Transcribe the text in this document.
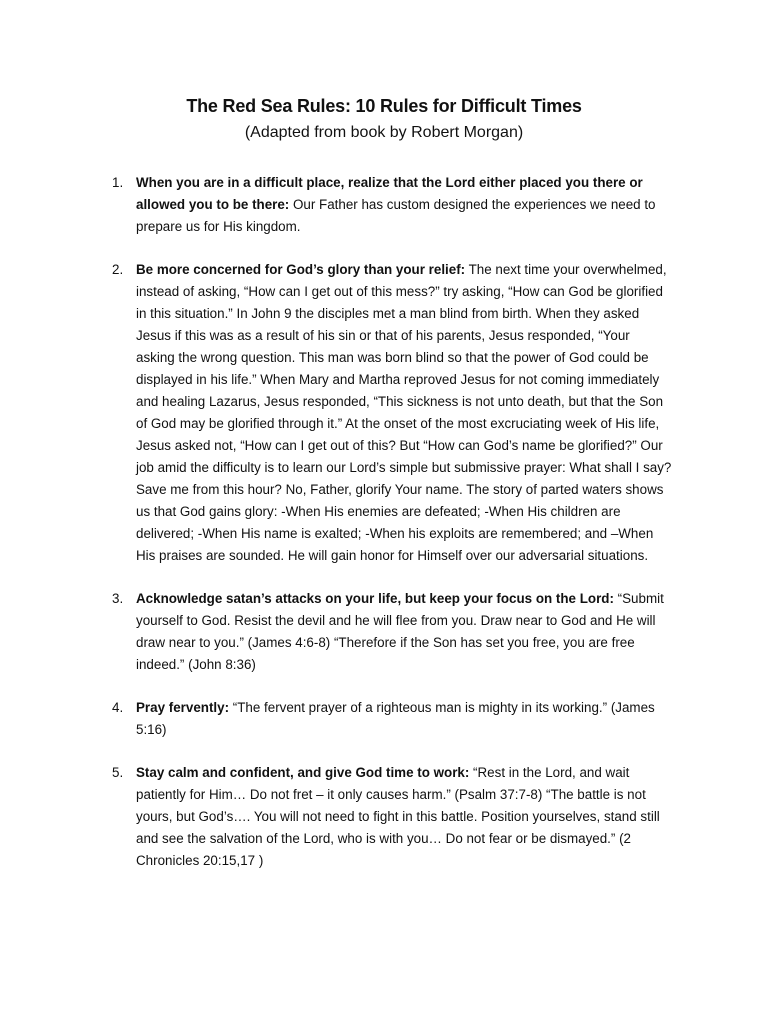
The Red Sea Rules: 10 Rules for Difficult Times
(Adapted from book by Robert Morgan)
1. When you are in a difficult place, realize that the Lord either placed you there or allowed you to be there: Our Father has custom designed the experiences we need to prepare us for His kingdom.
2. Be more concerned for God’s glory than your relief: The next time your overwhelmed, instead of asking, “How can I get out of this mess?” try asking, “How can God be glorified in this situation.” In John 9 the disciples met a man blind from birth. When they asked Jesus if this was as a result of his sin or that of his parents, Jesus responded, “Your asking the wrong question. This man was born blind so that the power of God could be displayed in his life.” When Mary and Martha reproved Jesus for not coming immediately and healing Lazarus, Jesus responded, “This sickness is not unto death, but that the Son of God may be glorified through it.” At the onset of the most excruciating week of His life, Jesus asked not, “How can I get out of this? But “How can God’s name be glorified?” Our job amid the difficulty is to learn our Lord’s simple but submissive prayer: What shall I say? Save me from this hour? No, Father, glorify Your name. The story of parted waters shows us that God gains glory: -When His enemies are defeated; -When His children are delivered; -When His name is exalted; -When his exploits are remembered; and –When His praises are sounded. He will gain honor for Himself over our adversarial situations.
3. Acknowledge satan’s attacks on your life, but keep your focus on the Lord: “Submit yourself to God. Resist the devil and he will flee from you. Draw near to God and He will draw near to you.” (James 4:6-8) “Therefore if the Son has set you free, you are free indeed.” (John 8:36)
4. Pray fervently: “The fervent prayer of a righteous man is mighty in its working.” (James 5:16)
5. Stay calm and confident, and give God time to work: “Rest in the Lord, and wait patiently for Him… Do not fret – it only causes harm.” (Psalm 37:7-8) “The battle is not yours, but God’s…. You will not need to fight in this battle. Position yourselves, stand still and see the salvation of the Lord, who is with you… Do not fear or be dismayed.” (2 Chronicles 20:15,17 )
